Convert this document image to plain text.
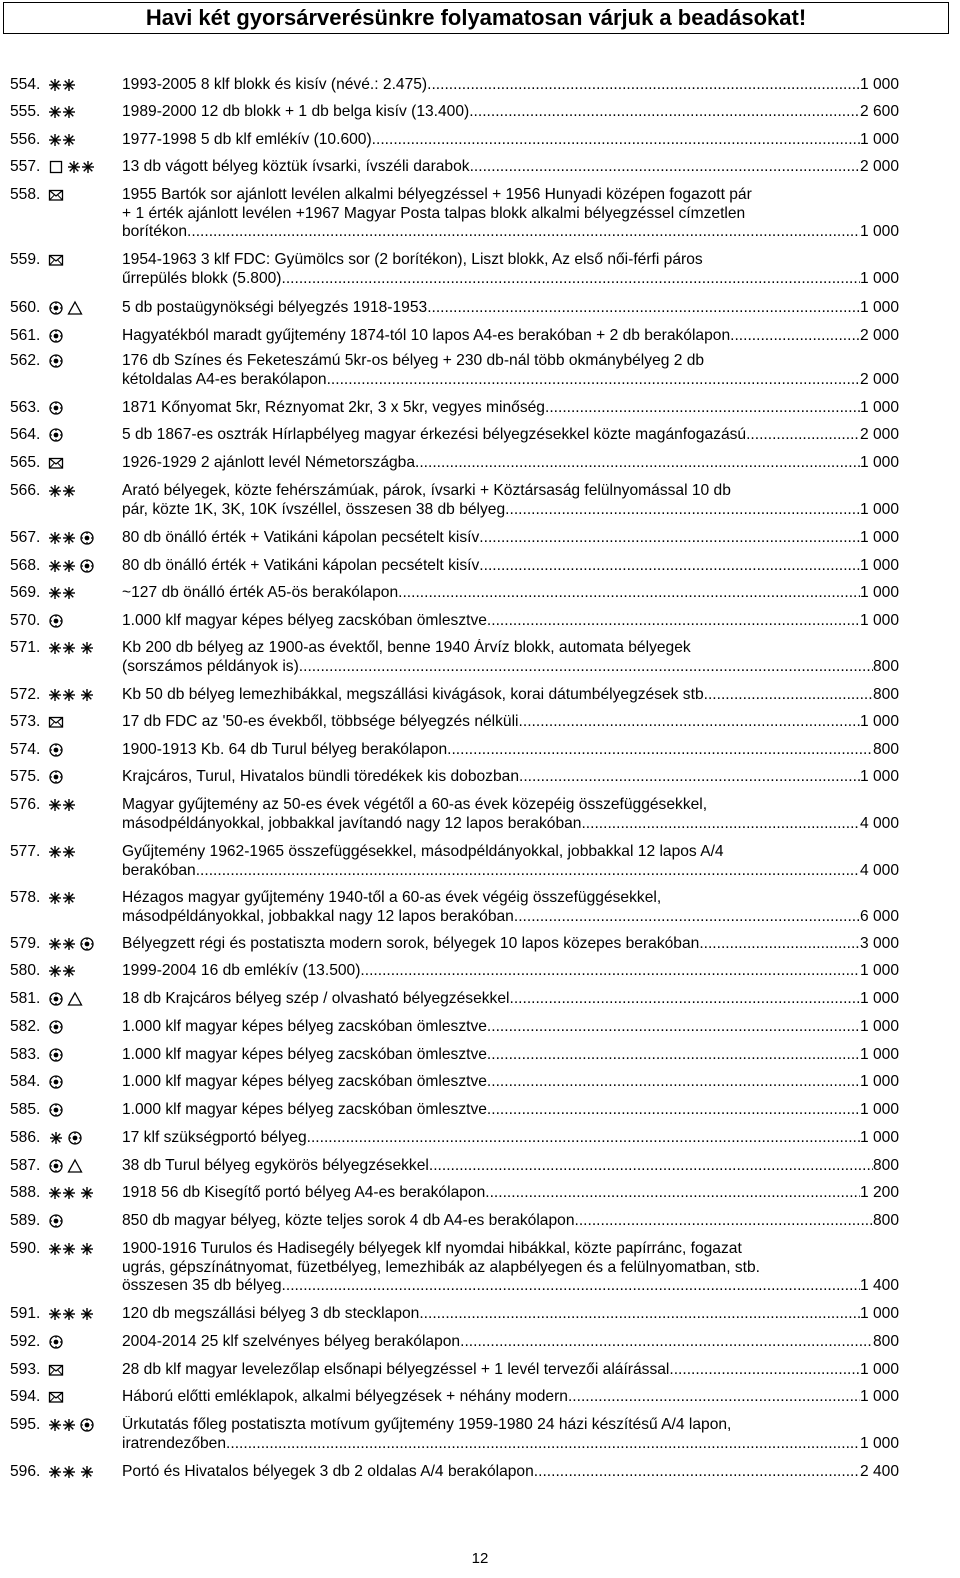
Havi két gyorsárverésünkre folyamatosan várjuk a beadásokat!
554.	1993-2005 8 klf blokk és kisív (névé.: 2.475) .....	1 000
555.	1989-2000 12 db blokk + 1 db belga kisív (13.400) .....	2 600
556.	1977-1998 5 db klf emlékív (10.600) .....	1 000
557.	13 db vágott bélyeg köztük ívsarki, ívszéli darabok .....	2 000
558.	1955 Bartók sor ajánlott levélen alkalmi bélyegzéssel + 1956 Hunyadi középen fogazott pár
+ 1 érték ajánlott levélen +1967 Magyar Posta talpas blokk alkalmi bélyegzéssel címzetlen
borítékon .....	1 000
559.	1954-1963 3 klf FDC: Gyümölcs sor (2 borítékon), Liszt blokk, Az első női-férfi páros
űrrepülés blokk (5.800) .....	1 000
560.	5 db postaügynökségi bélyegzés 1918-1953 .....	1 000
561.	Hagyatékból maradt gyűjtemény 1874-tól 10 lapos A4-es berakóban + 2 db berakólapon .....	2 000
562.	176 db Színes és Feketeszámú 5kr-os bélyeg + 230 db-nál több okmánybélyeg 2 db
kétoldalas A4-es berakólapon .....	2 000
563.	1871 Kőnyomat 5kr, Réznyomat 2kr, 3 x 5kr, vegyes minőség .....	1 000
564.	5 db 1867-es osztrák Hírlapbélyeg magyar érkezési bélyegzésekkel közte magánfogazású .....	2 000
565.	1926-1929 2 ajánlott levél Németországba .....	1 000
566.	Arató bélyegek, közte fehérszámúak, párok, ívsarki + Köztársaság felülnyomással 10 db
pár, közte 1K, 3K, 10K ívszéllel, összesen 38 db bélyeg .....	1 000
567.	80 db önálló érték + Vatikáni kápolan pecsételt kisív .....	1 000
568.	80 db önálló érték + Vatikáni kápolan pecsételt kisív .....	1 000
569.	~127 db önálló érték A5-ös berakólapon .....	1 000
570.	1.000 klf magyar képes bélyeg zacskóban ömlesztve .....	1 000
571.	Kb 200 db bélyeg az 1900-as évektől, benne 1940 Árvíz blokk, automata bélyegek
(sorszámos példányok is) .....	800
572.	Kb 50 db bélyeg lemezhibákkal, megszállási kivágások, korai dátumbélyegzések stb. .....	800
573.	17 db FDC az '50-es évekből, többsége bélyegzés nélküli .....	1 000
574.	1900-1913 Kb. 64 db Turul bélyeg berakólapon .....	800
575.	Krajcáros, Turul, Hivatalos bündli töredékek kis dobozban .....	1 000
576.	Magyar gyűjtemény az 50-es évek végétől a 60-as évek közepéig összefüggésekkel,
másodpéldányokkal, jobbakkal javítandó nagy 12 lapos berakóban .....	4 000
577.	Gyűjtemény 1962-1965 összefüggésekkel, másodpéldányokkal, jobbakkal 12 lapos A/4
berakóban .....	4 000
578.	Hézagos magyar gyűjtemény 1940-től a 60-as évek végéig összefüggésekkel,
másodpéldányokkal, jobbakkal nagy 12 lapos berakóban .....	6 000
579.	Bélyegzett régi és postatiszta modern sorok, bélyegek 10 lapos közepes berakóban .....	3 000
580.	1999-2004 16 db emlékív (13.500) .....	1 000
581.	18 db Krajcáros bélyeg szép / olvasható bélyegzésekkel .....	1 000
582.	1.000 klf magyar képes bélyeg zacskóban ömlesztve .....	1 000
583.	1.000 klf magyar képes bélyeg zacskóban ömlesztve .....	1 000
584.	1.000 klf magyar képes bélyeg zacskóban ömlesztve .....	1 000
585.	1.000 klf magyar képes bélyeg zacskóban ömlesztve .....	1 000
586.	17 klf szükségportó bélyeg .....	1 000
587.	38 db Turul bélyeg egykörös bélyegzésekkel .....	800
588.	1918 56 db Kisegítő portó bélyeg A4-es berakólapon .....	1 200
589.	850 db magyar bélyeg, közte teljes sorok 4 db A4-es berakólapon .....	800
590.	1900-1916 Turulos és Hadisegély bélyegek klf nyomdai hibákkal, közte papírránc, fogazat
ugrás, gépszínátnyomat, füzetbélyeg, lemezhibák az alapbélyegen és a felülnyomatban, stb.
összesen 35 db bélyeg .....	1 400
591.	120 db megszállási bélyeg 3 db stecklapon .....	1 000
592.	2004-2014 25 klf szelvényes bélyeg berakólapon .....	800
593.	28 db klf magyar levelezőlap elsőnapi bélyegzéssel + 1 levél tervezői aláírással .....	1 000
594.	Háború előtti emléklapok, alkalmi bélyegzések + néhány modern .....	1 000
595.	Űrkutatás főleg postatiszta motívum gyűjtemény 1959-1980 24 házi készítésű A/4 lapon,
iratrendezőben .....	1 000
596.	Portó és Hivatalos bélyegek 3 db 2 oldalas A/4 berakólapon .....	2 400
12
